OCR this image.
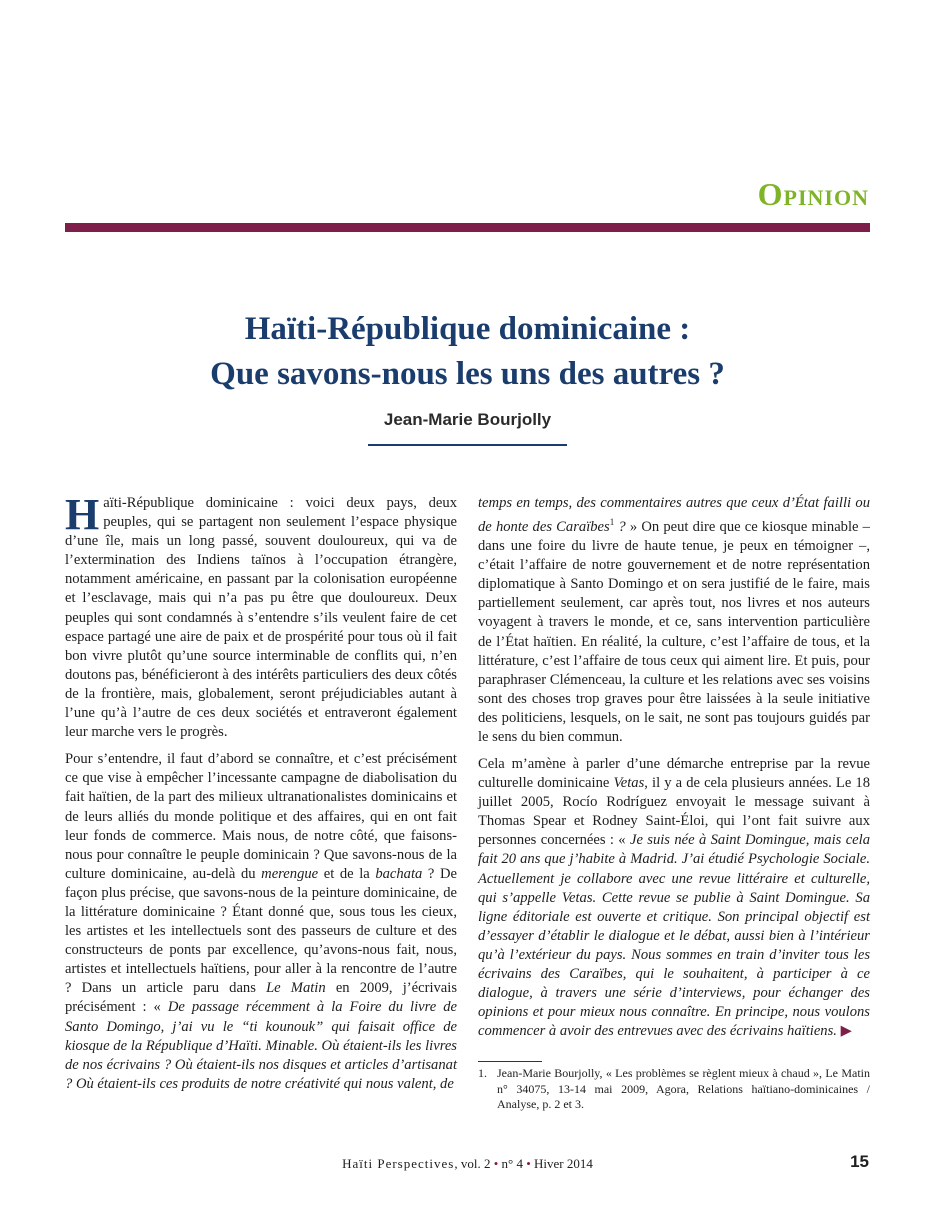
Opinion
Haïti-République dominicaine :
Que savons-nous les uns des autres ?
Jean-Marie Bourjolly

Haïti-République dominicaine : voici deux pays, deux peuples, qui se partagent non seulement l’espace physique d’une île, mais un long passé, souvent douloureux, qui va de l’extermination des Indiens taïnos à l’occupation étrangère, notamment américaine, en passant par la colonisation européenne et l’esclavage, mais qui n’a pas pu être que douloureux. Deux peuples qui sont condamnés à s’entendre s’ils veulent faire de cet espace partagé une aire de paix et de prospérité pour tous où il fait bon vivre plutôt qu’une source interminable de conflits qui, n’en doutons pas, bénéficieront à des intérêts particuliers des deux côtés de la frontière, mais, globalement, seront préjudiciables autant à l’une qu’à l’autre de ces deux sociétés et entraveront également leur marche vers le progrès.

Pour s’entendre, il faut d’abord se connaître, et c’est précisément ce que vise à empêcher l’incessante campagne de diabolisation du fait haïtien, de la part des milieux ultranationalistes dominicains et de leurs alliés du monde politique et des affaires, qui en ont fait leur fonds de commerce. Mais nous, de notre côté, que faisons-nous pour connaître le peuple dominicain ? Que savons-nous de la culture dominicaine, au-delà du merengue et de la bachata ? De façon plus précise, que savons-nous de la peinture dominicaine, de la littérature dominicaine ? Étant donné que, sous tous les cieux, les artistes et les intellectuels sont des passeurs de culture et des constructeurs de ponts par excellence, qu’avons-nous fait, nous, artistes et intellectuels haïtiens, pour aller à la rencontre de l’autre ? Dans un article paru dans Le Matin en 2009, j’écrivais précisément : « De passage récemment à la Foire du livre de Santo Domingo, j’ai vu le “ti kounouk” qui faisait office de kiosque de la République d’Haïti. Minable. Où étaient-ils les livres de nos écrivains ? Où étaient-ils nos disques et articles d’artisanat ? Où étaient-ils ces produits de notre créativité qui nous valent, de

temps en temps, des commentaires autres que ceux d’État failli ou de honte des Caraïbes$^1$ ? » On peut dire que ce kiosque minable – dans une foire du livre de haute tenue, je peux en témoigner –, c’était l’affaire de notre gouvernement et de notre représentation diplomatique à Santo Domingo et on sera justifié de le faire, mais partiellement seulement, car après tout, nos livres et nos auteurs voyagent à travers le monde, et ce, sans intervention particulière de l’État haïtien. En réalité, la culture, c’est l’affaire de tous, et la littérature, c’est l’affaire de tous ceux qui aiment lire. Et puis, pour paraphraser Clémenceau, la culture et les relations avec ses voisins sont des choses trop graves pour être laissées à la seule initiative des politiciens, lesquels, on le sait, ne sont pas toujours guidés par le sens du bien commun.

Cela m’amène à parler d’une démarche entreprise par la revue culturelle dominicaine Vetas, il y a de cela plusieurs années. Le 18 juillet 2005, Rocío Rodríguez envoyait le message suivant à Thomas Spear et Rodney Saint-Éloi, qui l’ont fait suivre aux personnes concernées : « Je suis née à Saint Domingue, mais cela fait 20 ans que j’habite à Madrid. J’ai étudié Psychologie Sociale. Actuellement je collabore avec une revue littéraire et culturelle, qui s’appelle Vetas. Cette revue se publie à Saint Domingue. Sa ligne éditoriale est ouverte et critique. Son principal objectif est d’essayer d’établir le dialogue et le débat, aussi bien à l’intérieur qu’à l’extérieur du pays. Nous sommes en train d’inviter tous les écrivains des Caraïbes, qui le souhaitent, à participer à ce dialogue, à travers une série d’interviews, pour échanger des opinions et pour mieux nous connaître. En principe, nous voulons commencer à avoir des entrevues avec des écrivains haïtiens. ▶

1. Jean-Marie Bourjolly, « Les problèmes se règlent mieux à chaud », Le Matin n° 34075, 13-14 mai 2009, Agora, Relations haïtiano-dominicaines / Analyse, p. 2 et 3.
Haïti Perspectives, vol. 2 • n° 4 • Hiver 2014	15
